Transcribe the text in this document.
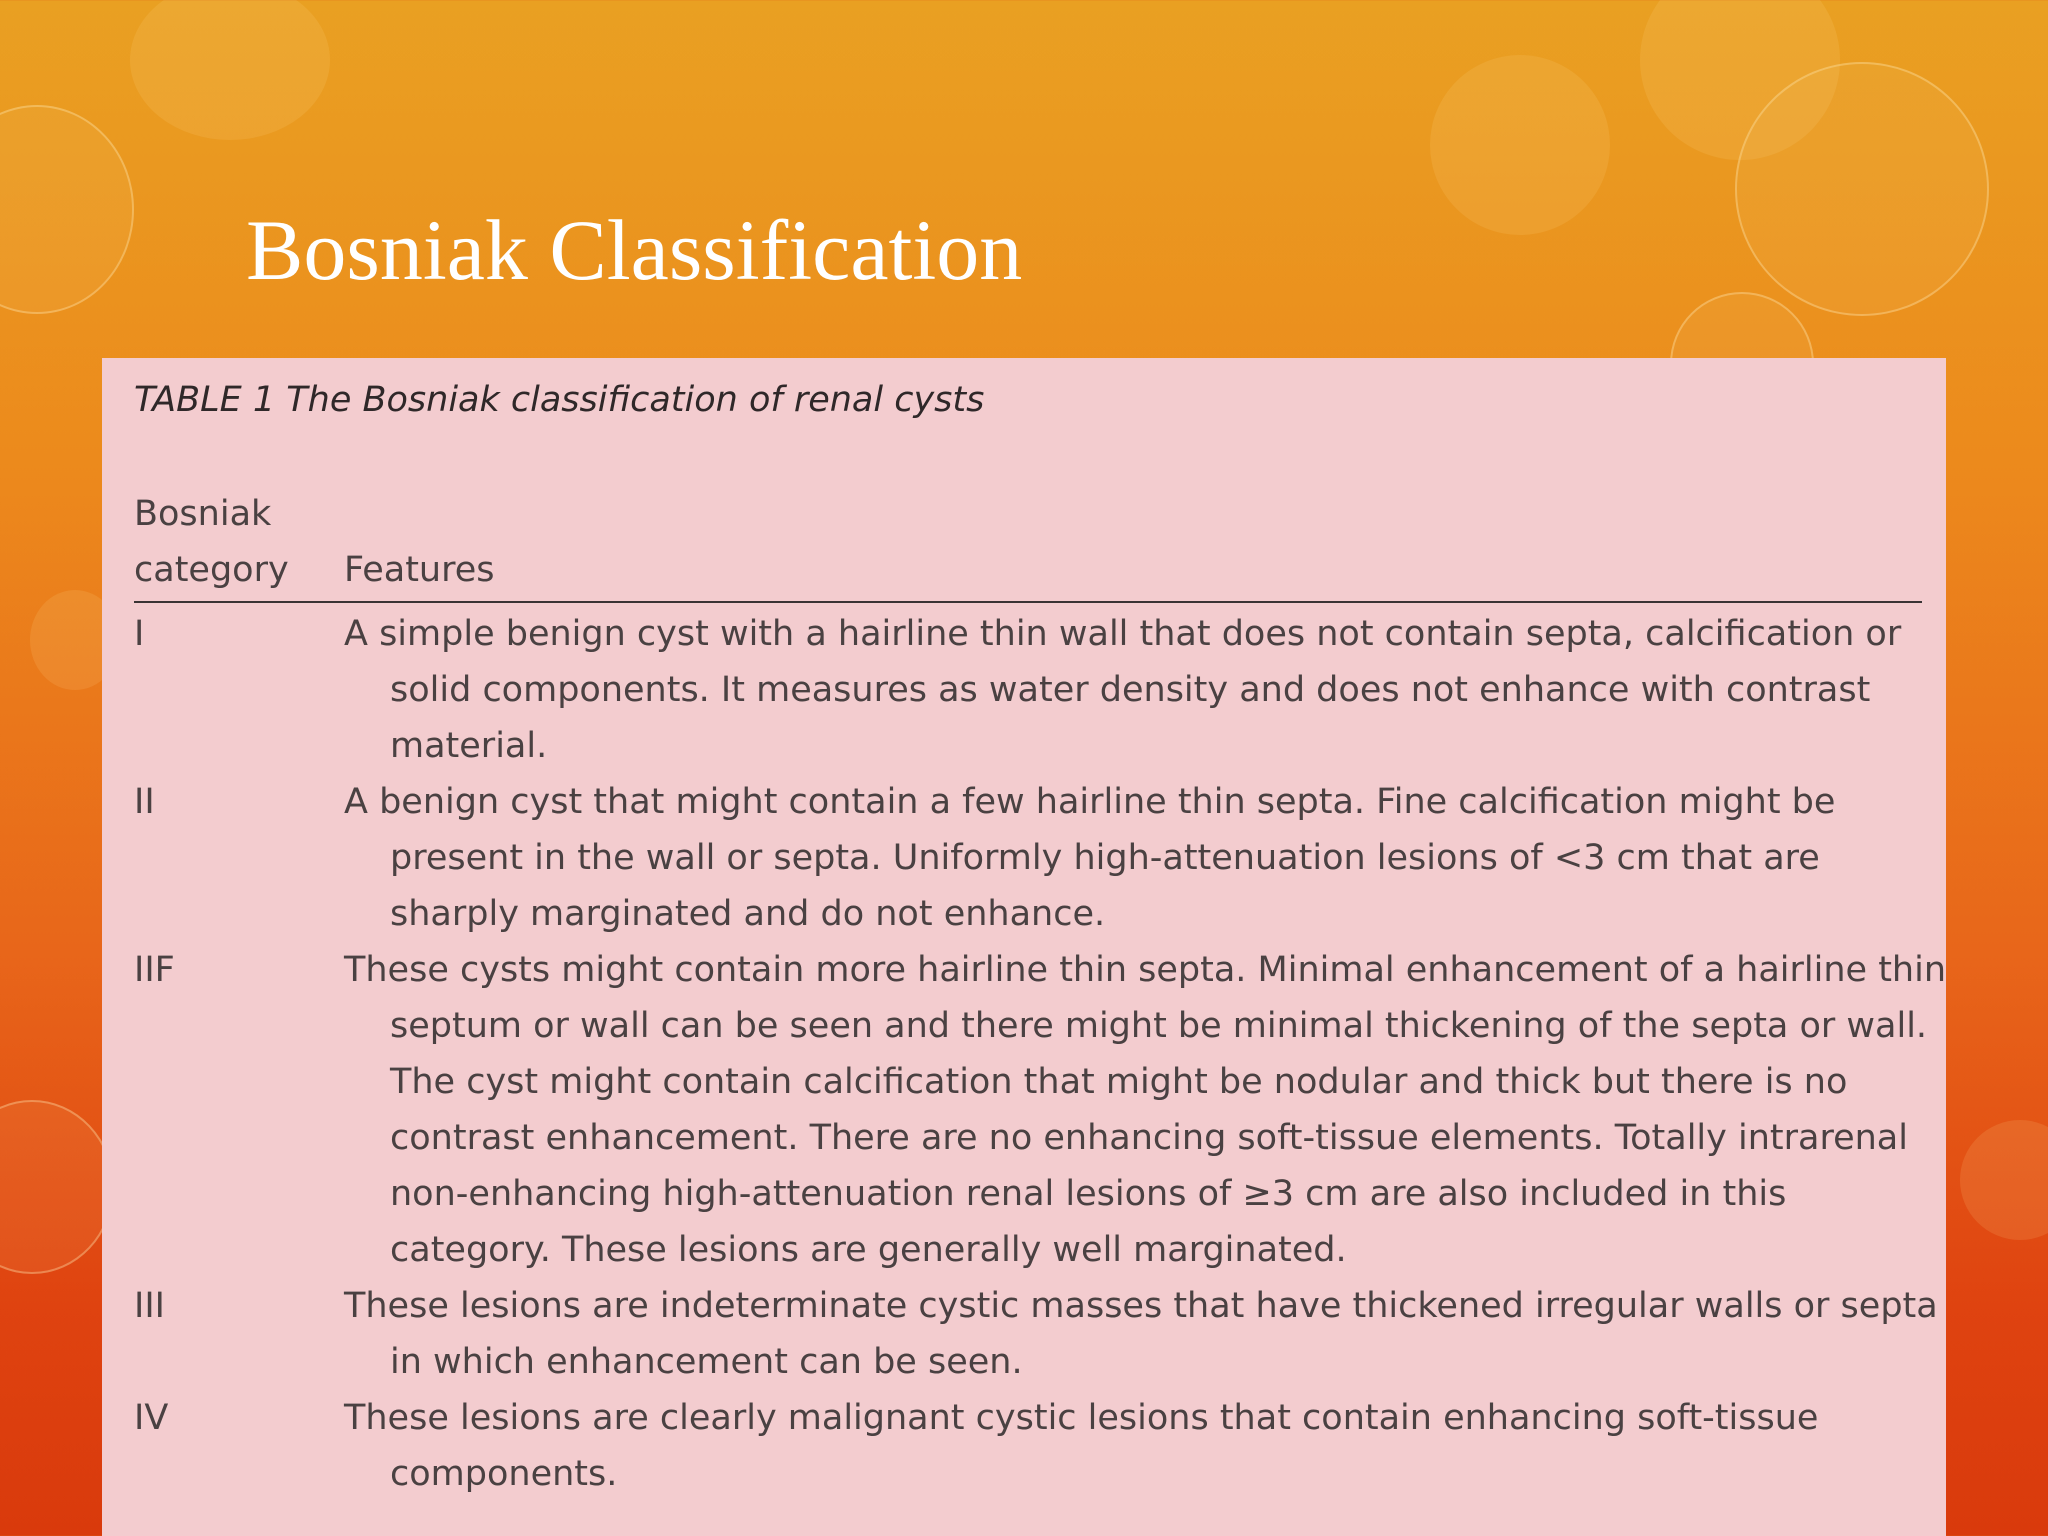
Bosniak Classification
TABLE 1 The Bosniak classification of renal cysts
Bosniak category	Features
I	A simple benign cyst with a hairline thin wall that does not contain septa, calcification or
solid components. It measures as water density and does not enhance with contrast
material.
II	A benign cyst that might contain a few hairline thin septa. Fine calcification might be
present in the wall or septa. Uniformly high-attenuation lesions of <3 cm that are
sharply marginated and do not enhance.
IIF	These cysts might contain more hairline thin septa. Minimal enhancement of a hairline thin
septum or wall can be seen and there might be minimal thickening of the septa or wall.
The cyst might contain calcification that might be nodular and thick but there is no
contrast enhancement. There are no enhancing soft-tissue elements. Totally intrarenal
non-enhancing high-attenuation renal lesions of ≥3 cm are also included in this
category. These lesions are generally well marginated.
III	These lesions are indeterminate cystic masses that have thickened irregular walls or septa
in which enhancement can be seen.
IV	These lesions are clearly malignant cystic lesions that contain enhancing soft-tissue
components.
